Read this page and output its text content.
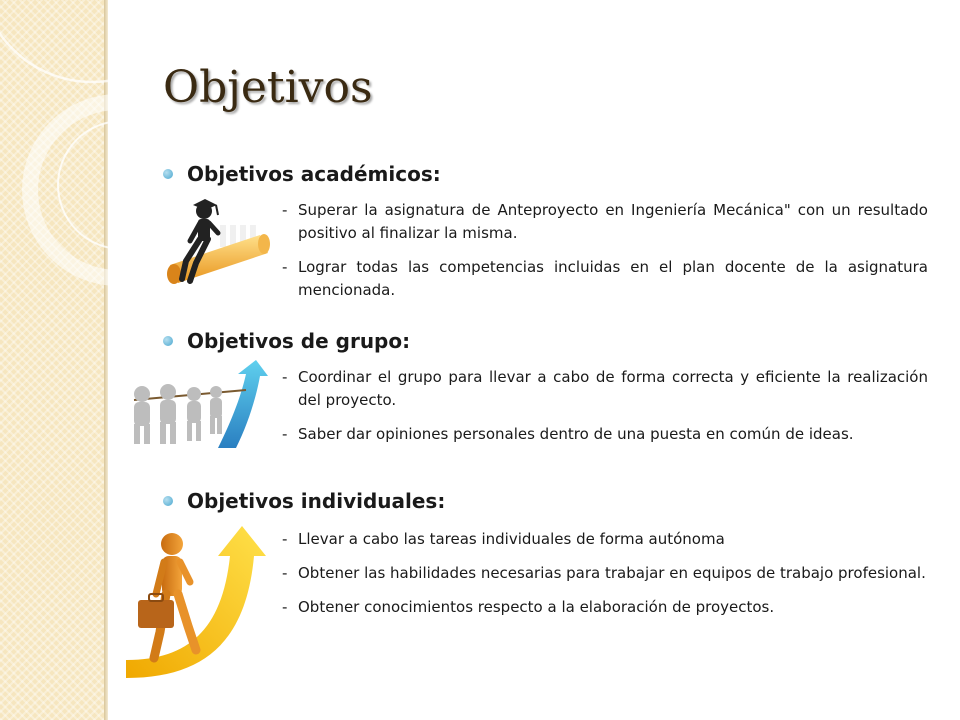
Objetivos
Objetivos académicos:
- Superar la asignatura de Anteproyecto en Ingeniería Mecánica" con un resultado positivo al finalizar la misma.
- Lograr todas las competencias incluidas en el plan docente de la asignatura mencionada.
Objetivos de grupo:
- Coordinar el grupo para llevar a cabo de forma correcta y eficiente la realización del proyecto.
- Saber dar opiniones personales dentro de una puesta en común de ideas.
Objetivos individuales:
- Llevar a cabo las tareas individuales de forma autónoma
- Obtener las habilidades necesarias para trabajar en equipos de trabajo profesional.
- Obtener conocimientos respecto a la elaboración de proyectos.
